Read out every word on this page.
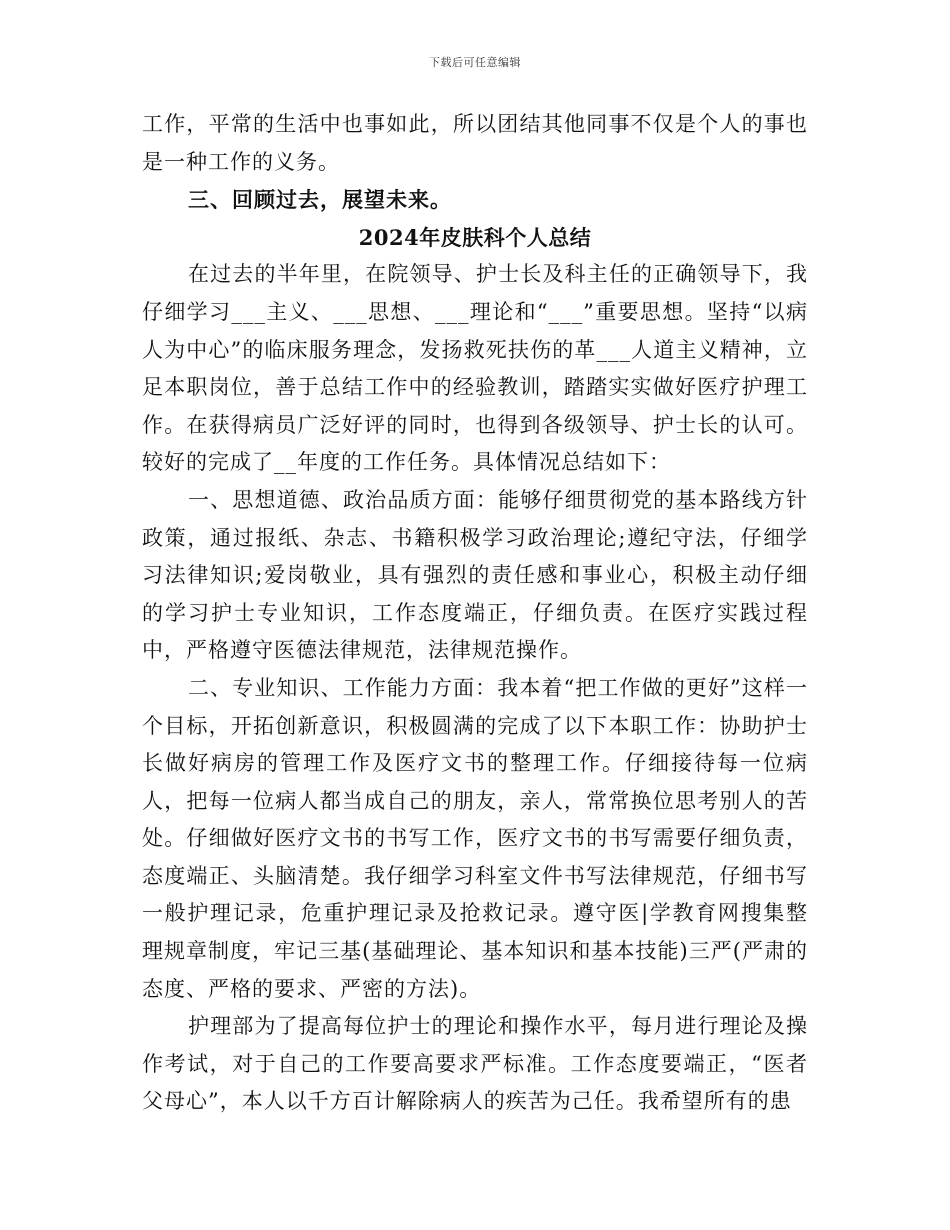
下载后可任意编辑

工作，平常的生活中也事如此，所以团结其他同事不仅是个人的事也是一种工作的义务。

三、回顾过去，展望未来。

2024年皮肤科个人总结

在过去的半年里，在院领导、护士长及科主任的正确领导下，我仔细学习___主义、___思想、___理论和“___”重要思想。坚持“以病人为中心”的临床服务理念，发扬救死扶伤的革___人道主义精神，立足本职岗位，善于总结工作中的经验教训，踏踏实实做好医疗护理工作。在获得病员广泛好评的同时，也得到各级领导、护士长的认可。较好的完成了__年度的工作任务。具体情况总结如下：

一、思想道德、政治品质方面：能够仔细贯彻党的基本路线方针政策，通过报纸、杂志、书籍积极学习政治理论;遵纪守法，仔细学习法律知识;爱岗敬业，具有强烈的责任感和事业心，积极主动仔细的学习护士专业知识，工作态度端正，仔细负责。在医疗实践过程中，严格遵守医德法律规范，法律规范操作。

二、专业知识、工作能力方面：我本着“把工作做的更好”这样一个目标，开拓创新意识，积极圆满的完成了以下本职工作：协助护士长做好病房的管理工作及医疗文书的整理工作。仔细接待每一位病人，把每一位病人都当成自己的朋友，亲人，常常换位思考别人的苦处。仔细做好医疗文书的书写工作，医疗文书的书写需要仔细负责，态度端正、头脑清楚。我仔细学习科室文件书写法律规范，仔细书写一般护理记录，危重护理记录及抢救记录。遵守医|学教育网搜集整理规章制度，牢记三基(基础理论、基本知识和基本技能)三严(严肃的态度、严格的要求、严密的方法)。

护理部为了提高每位护士的理论和操作水平，每月进行理论及操作考试，对于自己的工作要高要求严标准。工作态度要端正，“医者父母心”，本人以千方百计解除病人的疾苦为己任。我希望所有的患
